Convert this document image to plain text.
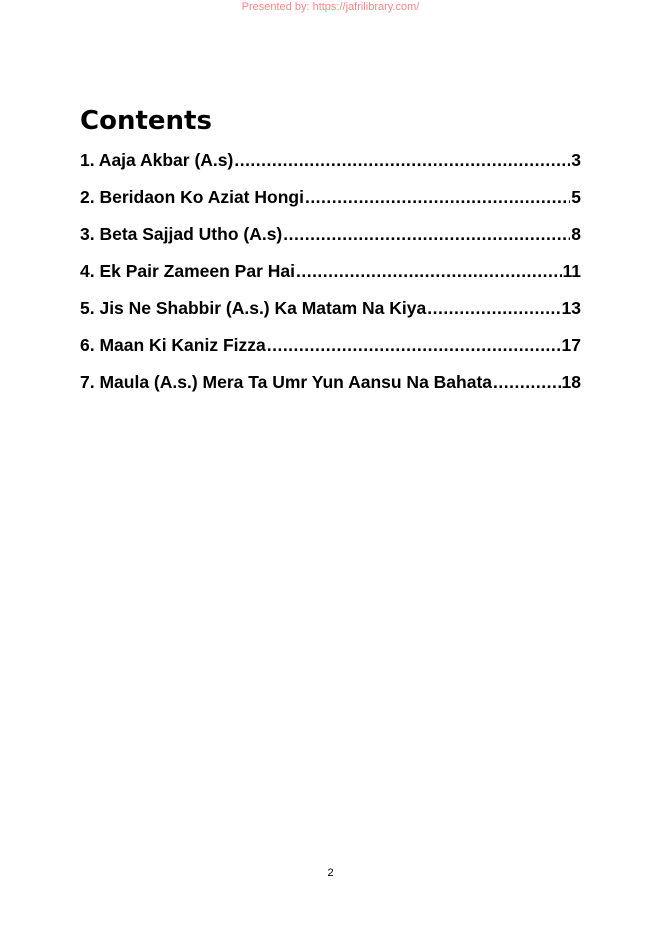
Presented by: https://jafrilibrary.com/
Contents
1. Aaja Akbar (A.s) .....	3
2. Beridaon Ko Aziat Hongi .....	5
3. Beta Sajjad Utho (A.s) .....	8
4. Ek Pair Zameen Par Hai .....	11
5. Jis Ne Shabbir (A.s.) Ka Matam Na Kiya .....	13
6. Maan Ki Kaniz Fizza .....	17
7. Maula (A.s.) Mera Ta Umr Yun Aansu Na Bahata .....	18
2
